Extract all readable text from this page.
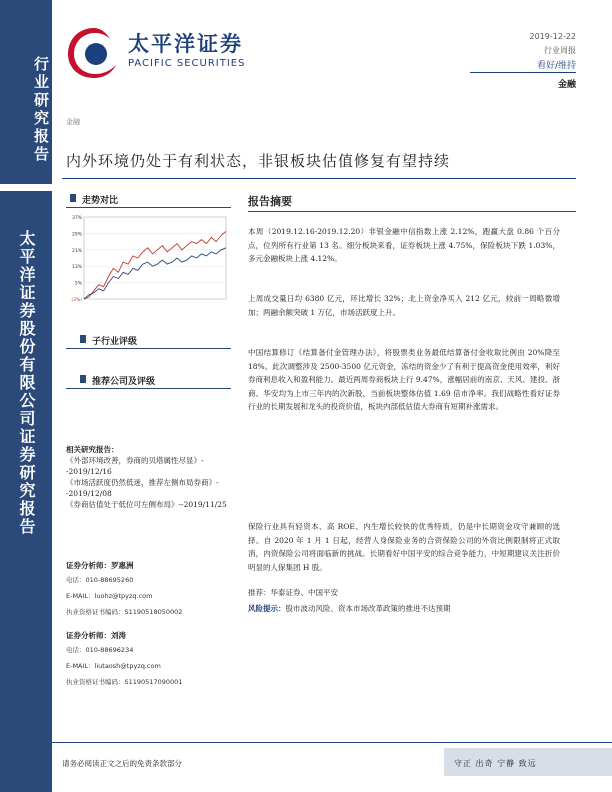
行业研究报告
太平洋证券股份有限公司证券研究报告
太平洋证券
PACIFIC SECURITIES
2019-12-22
行业周报
看好/维持
金融
金融
内外环境仍处于有利状态，非银板块估值修复有望持续
走势对比
37%
29%
21%
13%
5%
(3%)
子行业评级
推荐公司及评级
相关研究报告：
《外部环境改善，券商的贝塔属性尽显》--2019/12/16
《市场活跃度仍然低迷，推荐左侧布局券商》--2019/12/08
《券商估值处于低位可左侧布局》--2019/11/25
证券分析师：罗惠洲
电话：010-88695260
E-MAIL：luohz@tpyzq.com
执业资格证书编码：S1190518050002
证券分析师：刘涛
电话：010-88696234
E-MAIL：liutaosh@tpyzq.com
执业资格证书编码：S1190517090001
报告摘要
本周（2019.12.16-2019.12.20）非银金融中信指数上涨 2.12%，跑赢大盘 0.86 个百分点，位列所有行业第 13 名。细分板块来看，证券板块上涨 4.75%，保险板块下跌 1.03%，多元金融板块上涨 4.12%。
上周成交量日均 6380 亿元，环比增长 32%；北上资金净买入 212 亿元，较前一周略微增加；两融余额突破 1 万亿，市场活跃度上升。
中国结算修订《结算备付金管理办法》，将股票类业务最低结算备付金收取比例由 20%降至 18%。此次调整涉及 2500-3500 亿元资金，冻结的资金少了有利于提高资金使用效率，利好券商利息收入和盈利能力。最近两周券商板块上行 9.47%，涨幅居前的南京、天风、建投、浙商、华安均为上市三年内的次新股，当前板块整体估值 1.69 倍市净率。我们战略性看好证券行业的长期发展和龙头的投资价值，板块内部低估值大券商有短期补涨需求。
保险行业具有轻资本、高 ROE、内生增长较快的优秀特质，仍是中长期资金攻守兼顾的选择。自 2020 年 1 月 1 日起，经营人身保险业务的合资保险公司的外资比例限制将正式取消，内资保险公司将面临新的挑战。长期看好中国平安的综合竞争能力，中短期建议关注折价明显的人保集团 H 股。
推荐：华泰证券、中国平安
风险提示：股市波动风险、资本市场改革政策的推进不达预期
请务必阅读正文之后的免责条款部分	守正 出奇 宁静 致远
